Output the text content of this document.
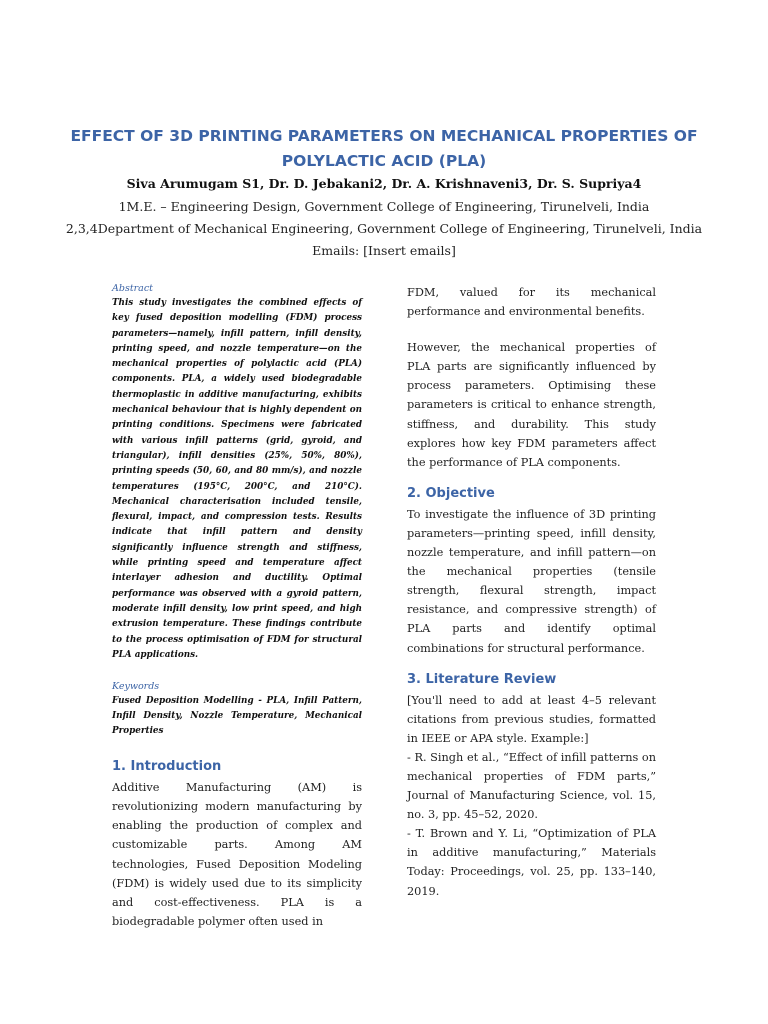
EFFECT OF 3D PRINTING PARAMETERS ON MECHANICAL PROPERTIES OF POLYLACTIC ACID (PLA)
Siva Arumugam S1, Dr. D. Jebakani2, Dr. A. Krishnaveni3, Dr. S. Supriya4
1M.E. – Engineering Design, Government College of Engineering, Tirunelveli, India
2,3,4Department of Mechanical Engineering, Government College of Engineering, Tirunelveli, India
Emails: [Insert emails]
Abstract
This study investigates the combined effects of key fused deposition modelling (FDM) process parameters—namely, infill pattern, infill density, printing speed, and nozzle temperature—on the mechanical properties of polylactic acid (PLA) components. PLA, a widely used biodegradable thermoplastic in additive manufacturing, exhibits mechanical behaviour that is highly dependent on printing conditions. Specimens were fabricated with various infill patterns (grid, gyroid, and triangular), infill densities (25%, 50%, 80%), printing speeds (50, 60, and 80 mm/s), and nozzle temperatures (195°C, 200°C, and 210°C). Mechanical characterisation included tensile, flexural, impact, and compression tests. Results indicate that infill pattern and density significantly influence strength and stiffness, while printing speed and temperature affect interlayer adhesion and ductility. Optimal performance was observed with a gyroid pattern, moderate infill density, low print speed, and high extrusion temperature. These findings contribute to the process optimisation of FDM for structural PLA applications.
Keywords
Fused Deposition Modelling - PLA, Infill Pattern, Infill Density, Nozzle Temperature, Mechanical Properties
1. Introduction

Additive Manufacturing (AM) is revolutionizing modern manufacturing by enabling the production of complex and customizable parts. Among AM technologies, Fused Deposition Modeling (FDM) is widely used due to its simplicity and cost-effectiveness. PLA is a biodegradable polymer often used in

FDM, valued for its mechanical performance and environmental benefits.

However, the mechanical properties of PLA parts are significantly influenced by process parameters. Optimising these parameters is critical to enhance strength, stiffness, and durability. This study explores how key FDM parameters affect the performance of PLA components.

2. Objective

To investigate the influence of 3D printing parameters—printing speed, infill density, nozzle temperature, and infill pattern—on the mechanical properties (tensile strength, flexural strength, impact resistance, and compressive strength) of PLA parts and identify optimal combinations for structural performance.

3. Literature Review

[You'll need to add at least 4–5 relevant citations from previous studies, formatted in IEEE or APA style. Example:]
- R. Singh et al., “Effect of infill patterns on mechanical properties of FDM parts,” Journal of Manufacturing Science, vol. 15, no. 3, pp. 45–52, 2020.
- T. Brown and Y. Li, “Optimization of PLA in additive manufacturing,” Materials Today: Proceedings, vol. 25, pp. 133–140, 2019.
